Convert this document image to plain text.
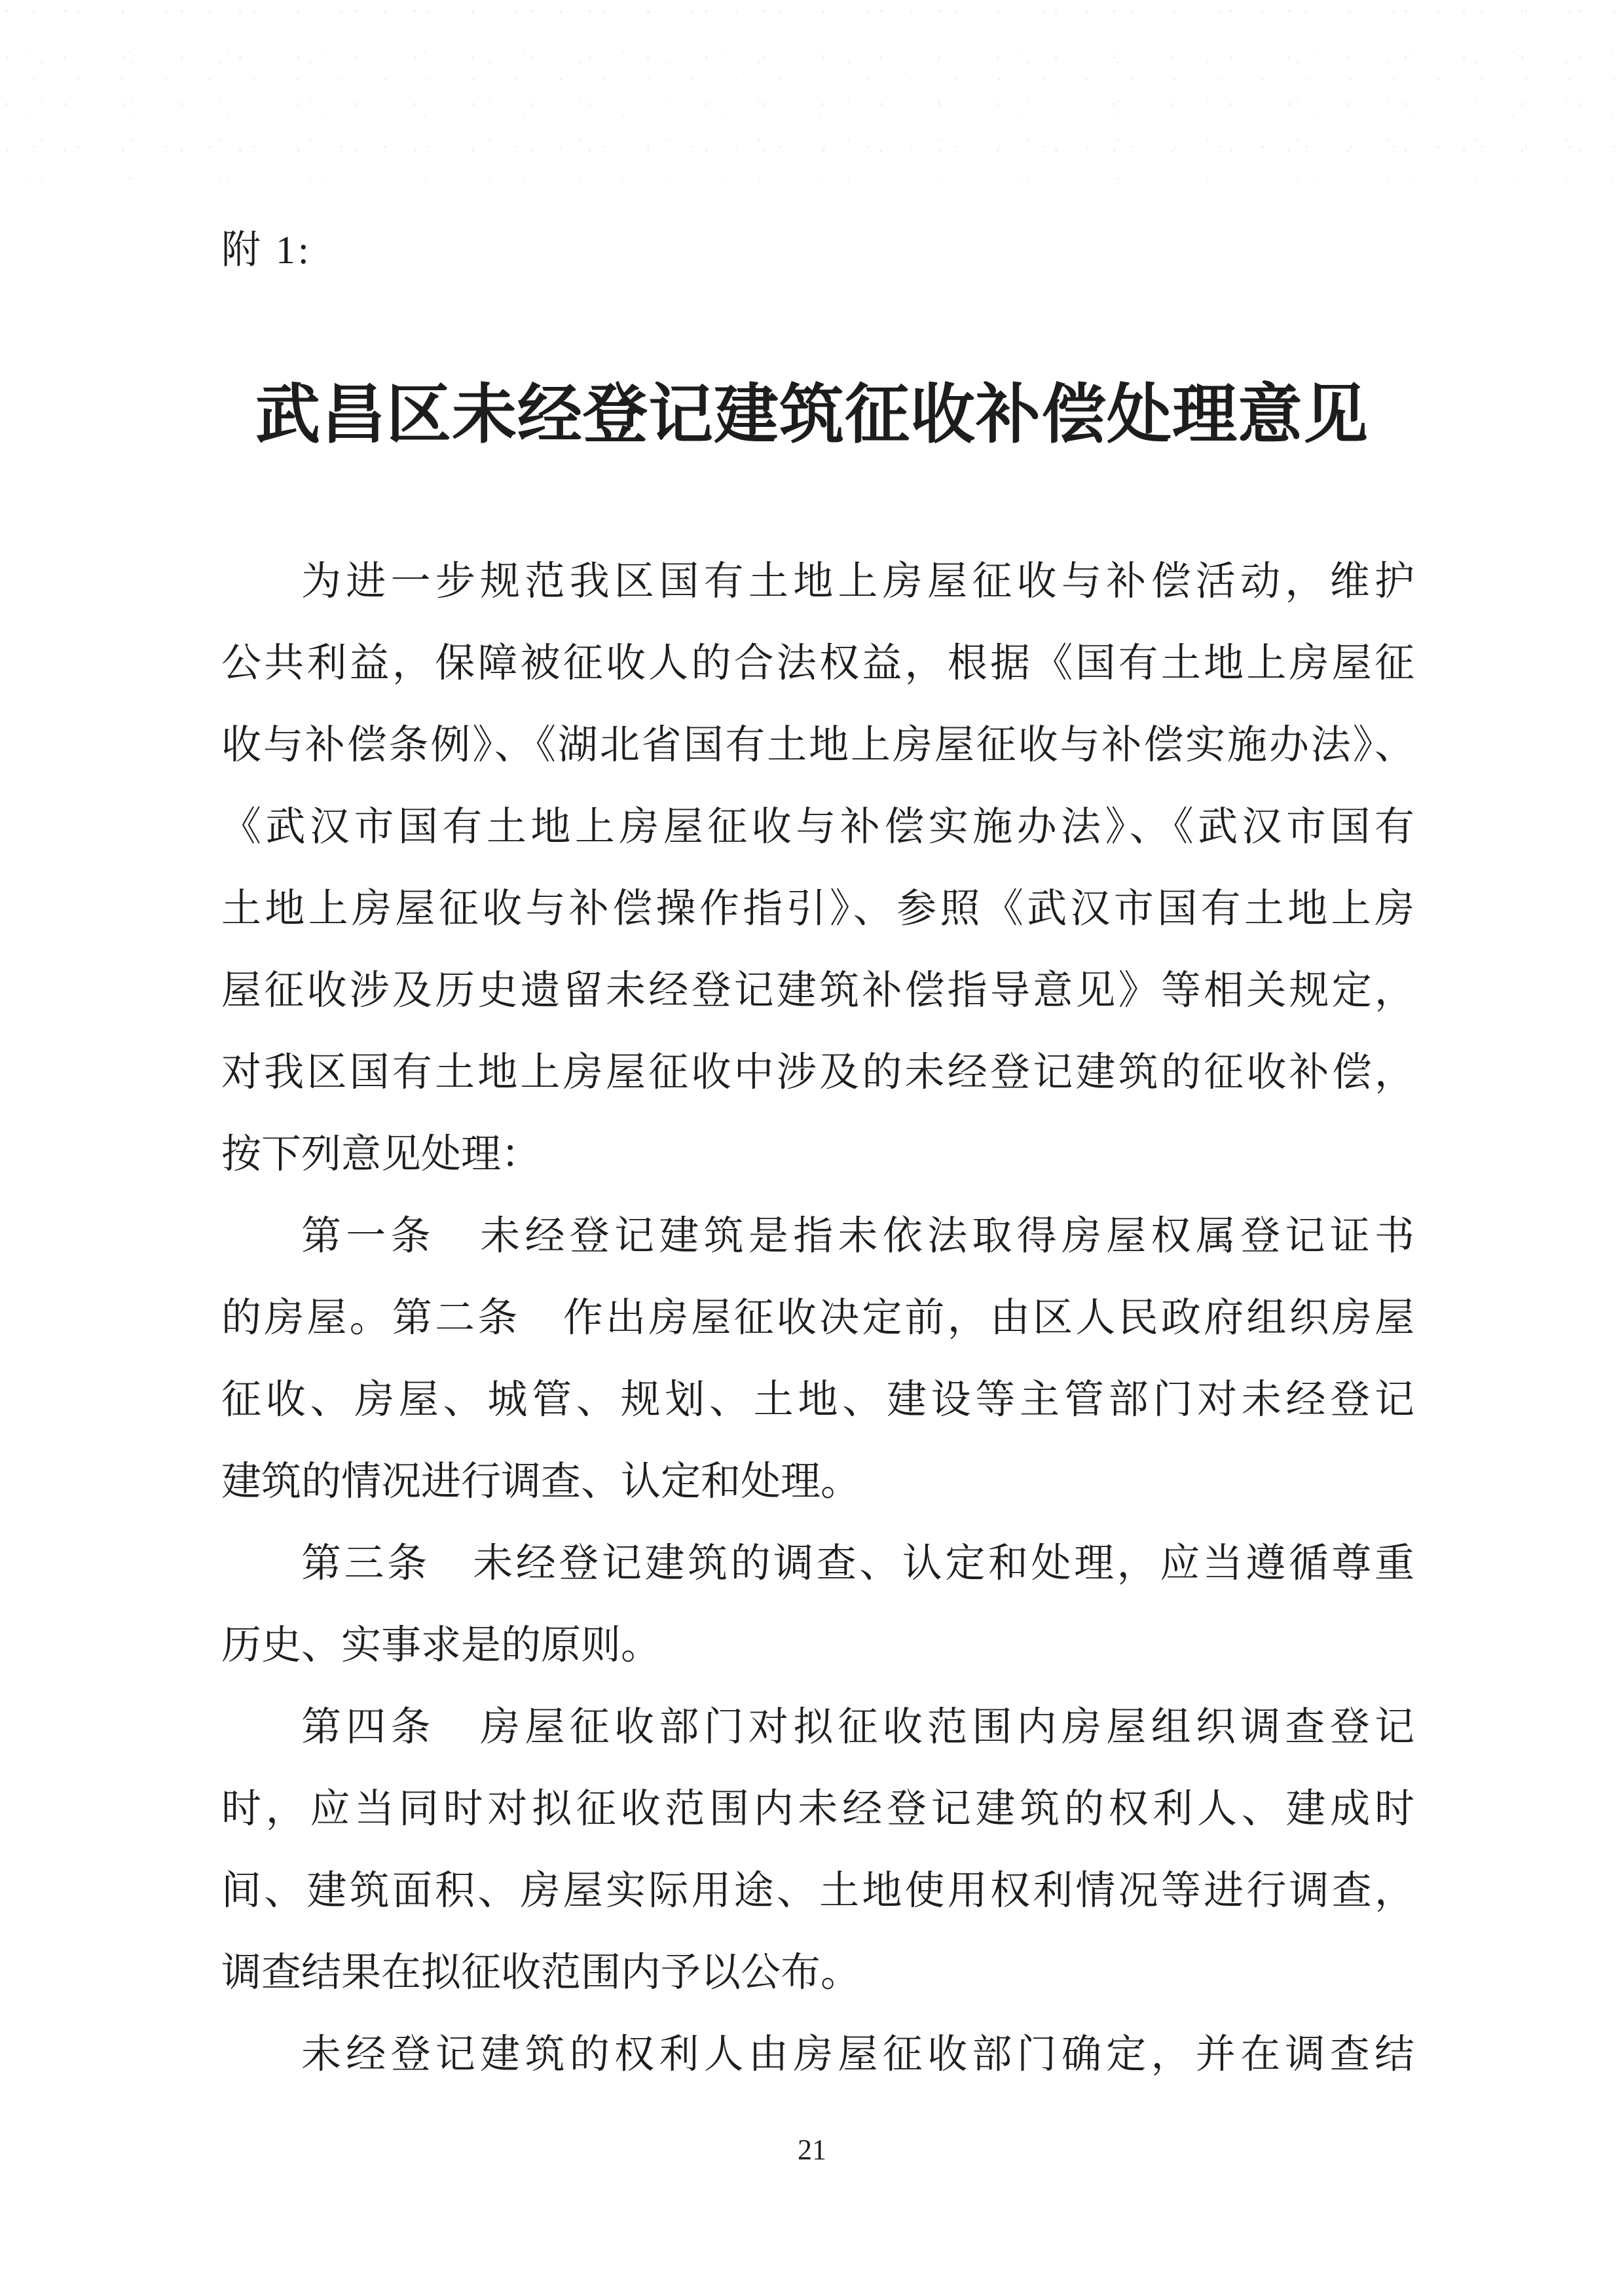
附 1:
武昌区未经登记建筑征收补偿处理意见
为进一步规范我区国有土地上房屋征收与补偿活动，维护
公共利益，保障被征收人的合法权益，根据《国有土地上房屋征
收与补偿条例》、《湖北省国有土地上房屋征收与补偿实施办法》、
《武汉市国有土地上房屋征收与补偿实施办法》、《武汉市国有
土地上房屋征收与补偿操作指引》、参照《武汉市国有土地上房
屋征收涉及历史遗留未经登记建筑补偿指导意见》等相关规定，
对我区国有土地上房屋征收中涉及的未经登记建筑的征收补偿，
按下列意见处理：
第一条　未经登记建筑是指未依法取得房屋权属登记证书
的房屋。第二条　作出房屋征收决定前，由区人民政府组织房屋
征收、房屋、城管、规划、土地、建设等主管部门对未经登记
建筑的情况进行调查、认定和处理。
第三条　未经登记建筑的调查、认定和处理，应当遵循尊重
历史、实事求是的原则。
第四条　房屋征收部门对拟征收范围内房屋组织调查登记
时，应当同时对拟征收范围内未经登记建筑的权利人、建成时
间、建筑面积、房屋实际用途、土地使用权利情况等进行调查，
调查结果在拟征收范围内予以公布。
未经登记建筑的权利人由房屋征收部门确定，并在调查结
21
